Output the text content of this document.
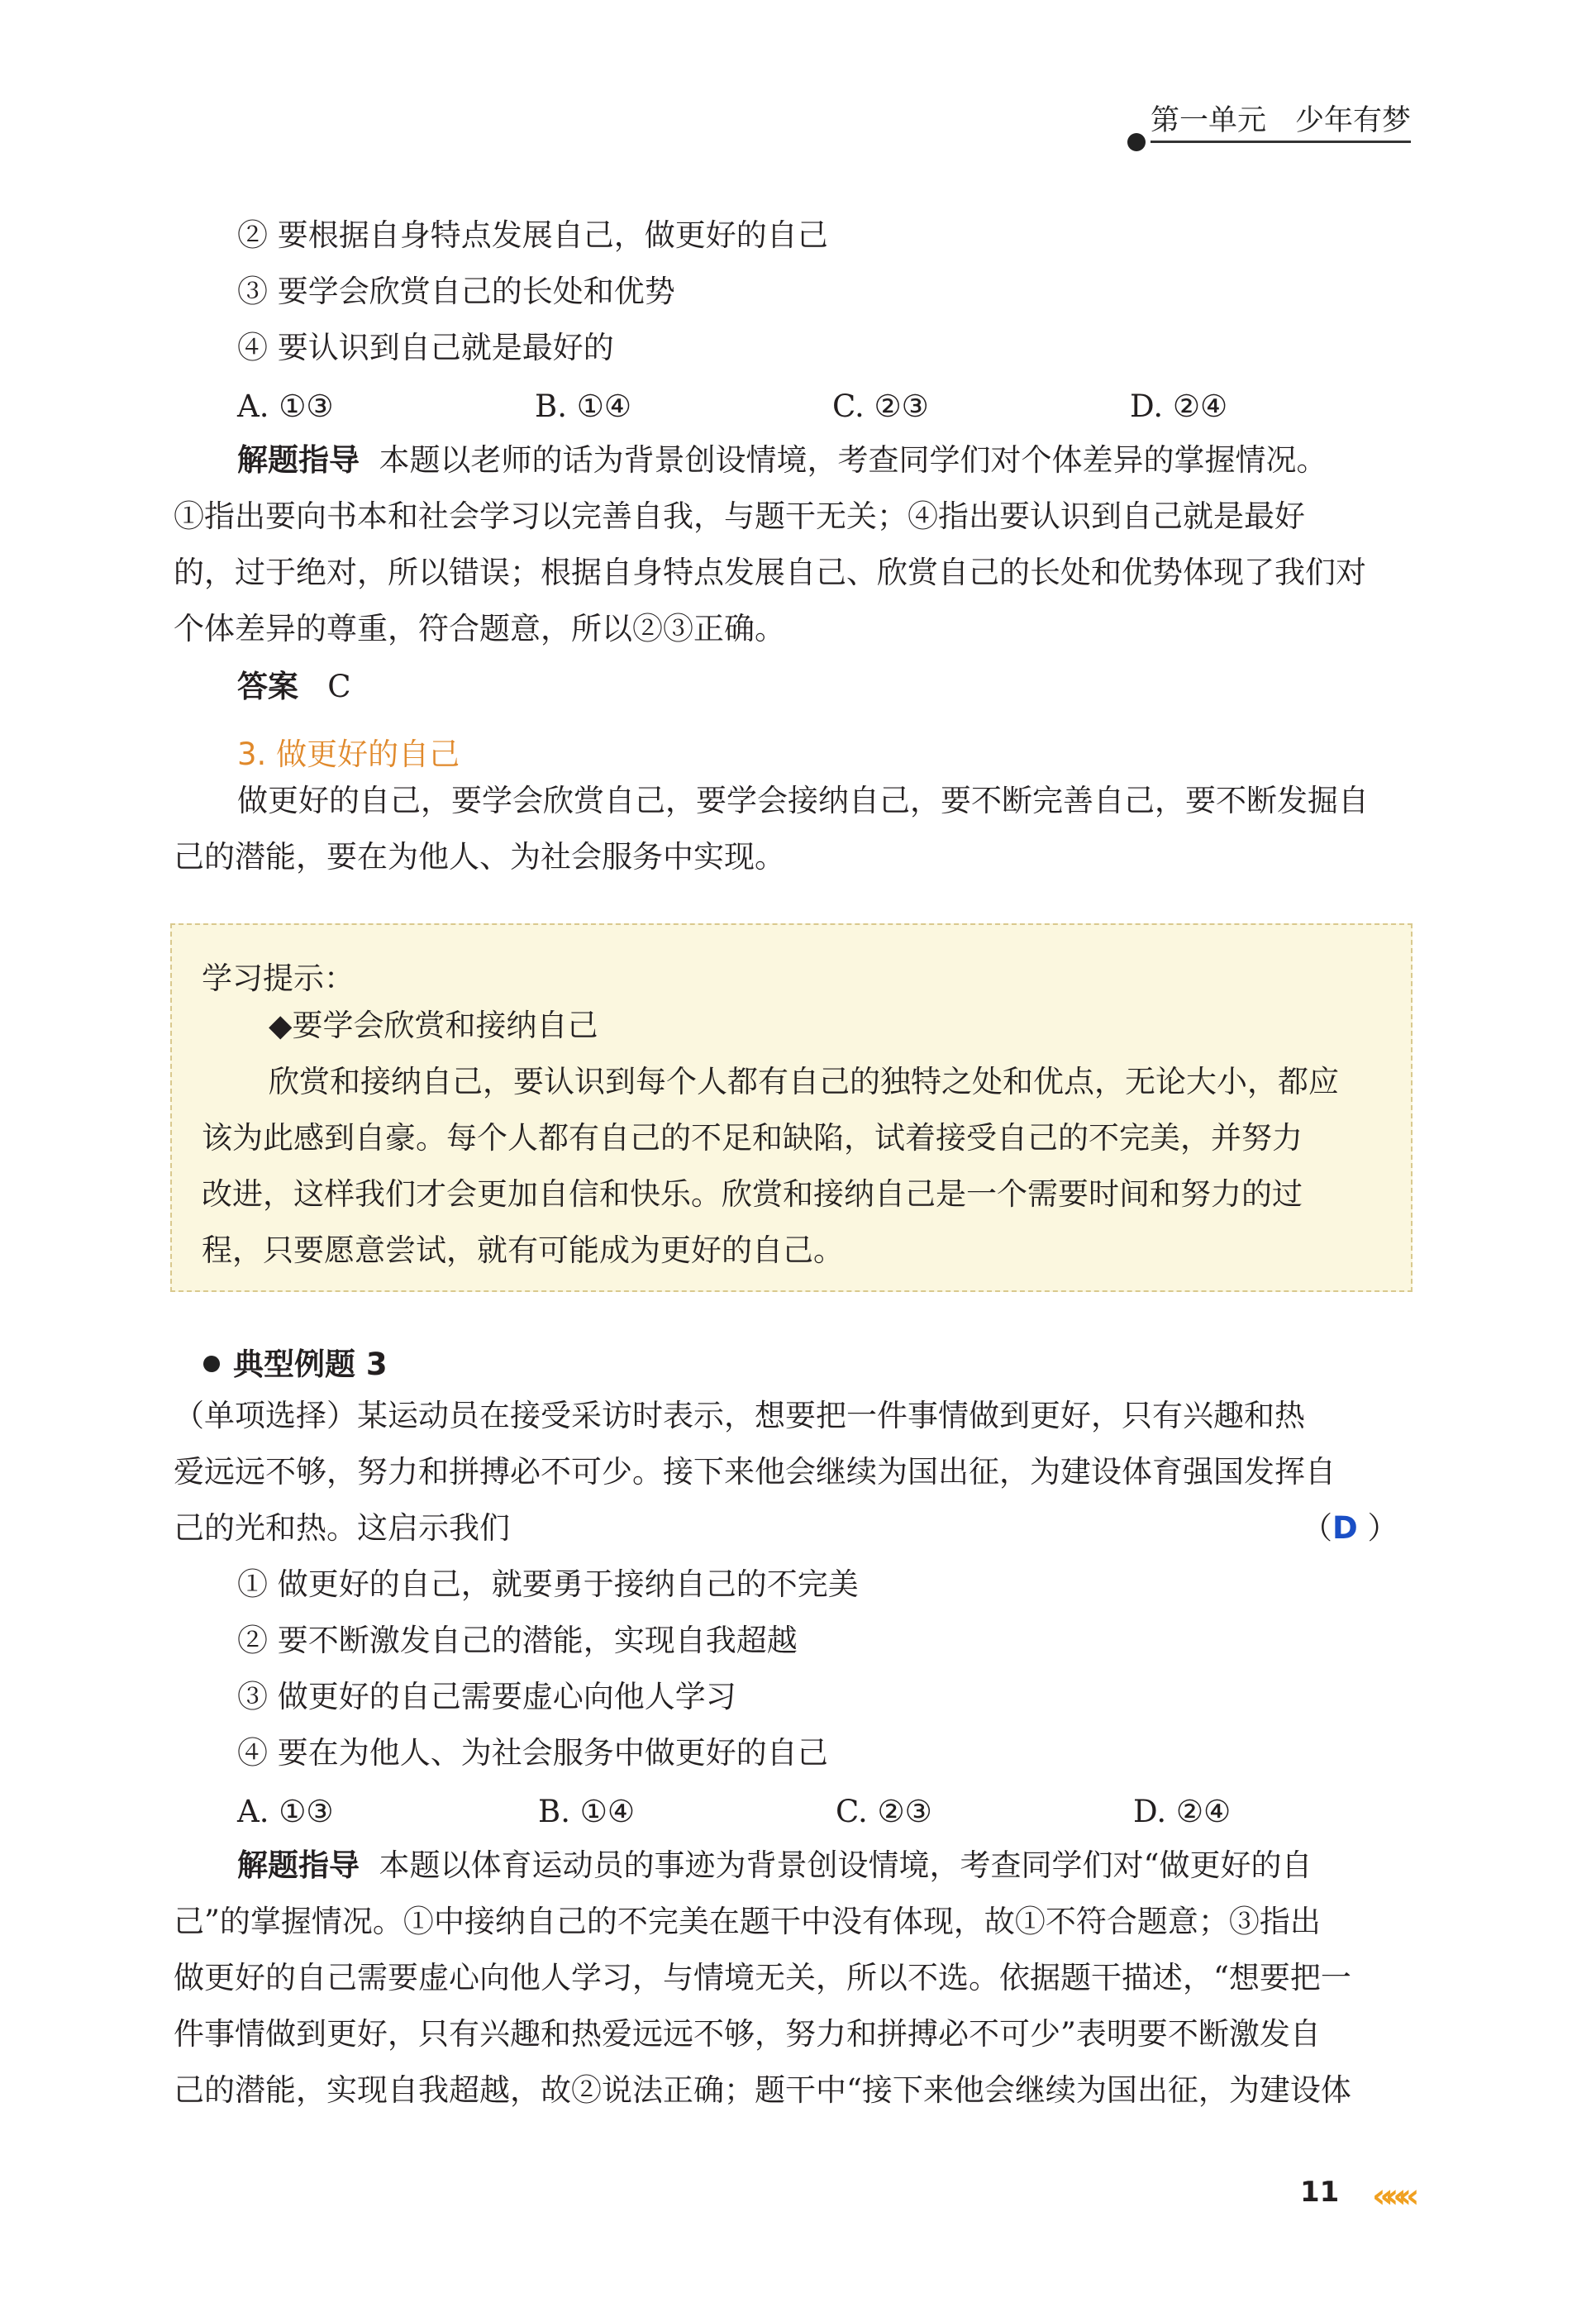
第一单元　少年有梦
② 要根据自身特点发展自己，做更好的自己
③ 要学会欣赏自己的长处和优势
④ 要认识到自己就是最好的
A. ①③	B. ①④	C. ②③	D. ②④
解题指导 本题以老师的话为背景创设情境，考查同学们对个体差异的掌握情况。
①指出要向书本和社会学习以完善自我，与题干无关；④指出要认识到自己就是最好
的，过于绝对，所以错误；根据自身特点发展自己、欣赏自己的长处和优势体现了我们对
个体差异的尊重，符合题意，所以②③正确。
答案 C
3. 做更好的自己
做更好的自己，要学会欣赏自己，要学会接纳自己，要不断完善自己，要不断发掘自
己的潜能，要在为他人、为社会服务中实现。
学习提示：
◆要学会欣赏和接纳自己
欣赏和接纳自己，要认识到每个人都有自己的独特之处和优点，无论大小，都应
该为此感到自豪。每个人都有自己的不足和缺陷，试着接受自己的不完美，并努力
改进，这样我们才会更加自信和快乐。欣赏和接纳自己是一个需要时间和努力的过
程，只要愿意尝试，就有可能成为更好的自己。
典型例题 3
（单项选择）某运动员在接受采访时表示，想要把一件事情做到更好，只有兴趣和热
爱远远不够，努力和拼搏必不可少。接下来他会继续为国出征，为建设体育强国发挥自
己的光和热。这启示我们	（D ）
① 做更好的自己，就要勇于接纳自己的不完美
② 要不断激发自己的潜能，实现自我超越
③ 做更好的自己需要虚心向他人学习
④ 要在为他人、为社会服务中做更好的自己
A. ①③	B. ①④	C. ②③	D. ②④
解题指导 本题以体育运动员的事迹为背景创设情境，考查同学们对“做更好的自
己”的掌握情况。①中接纳自己的不完美在题干中没有体现，故①不符合题意；③指出
做更好的自己需要虚心向他人学习，与情境无关，所以不选。依据题干描述，“想要把一
件事情做到更好，只有兴趣和热爱远远不够，努力和拼搏必不可少”表明要不断激发自
己的潜能，实现自我超越，故②说法正确；题干中“接下来他会继续为国出征，为建设体
11 «««
